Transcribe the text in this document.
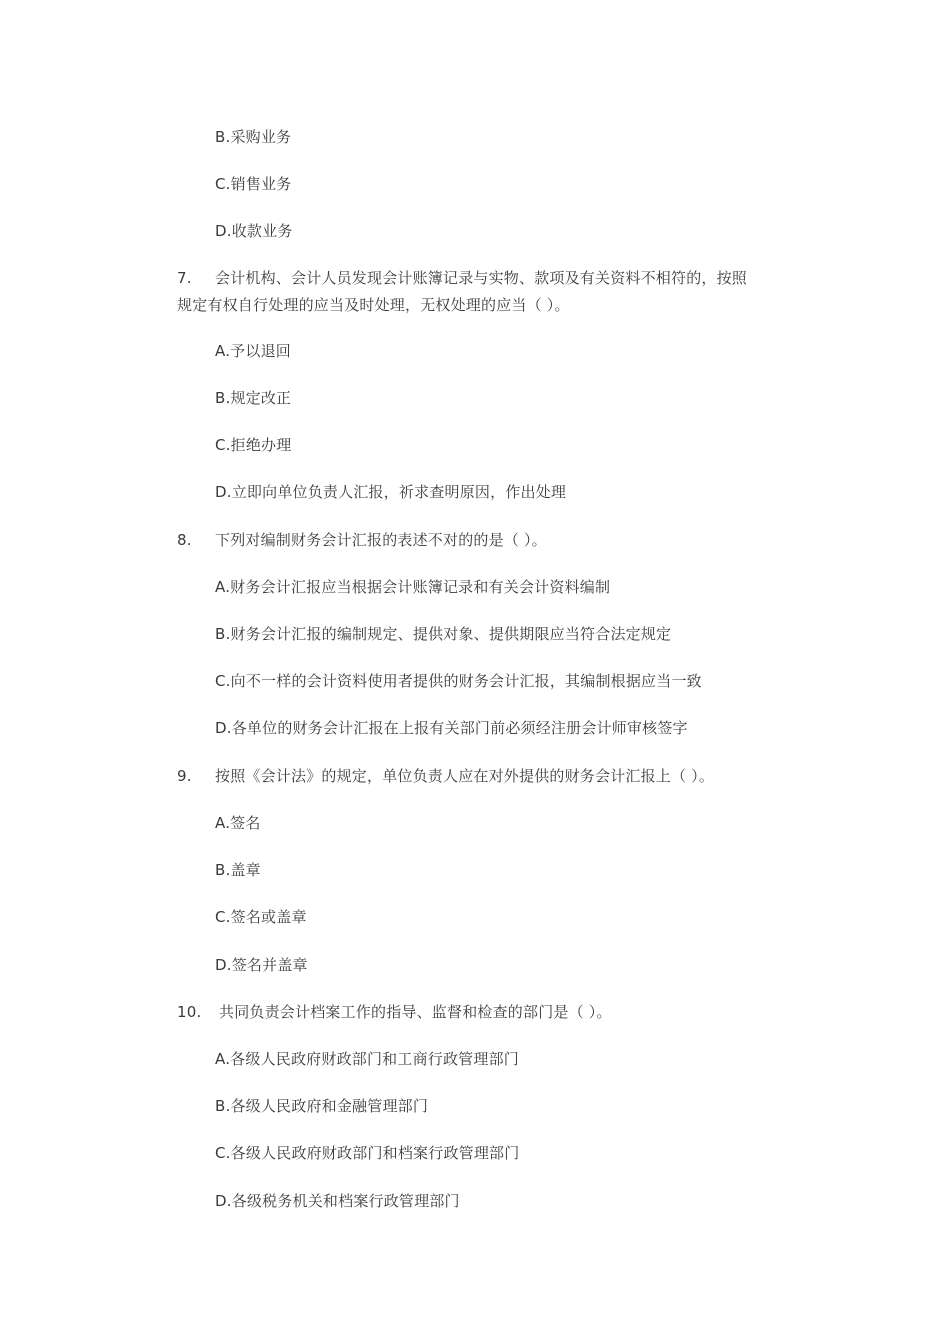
B.采购业务
C.销售业务
D.收款业务
7. 会计机构、会计人员发现会计账簿记录与实物、款项及有关资料不相符的，按照
规定有权自行处理的应当及时处理，无权处理的应当（ ）。
A.予以退回
B.规定改正
C.拒绝办理
D.立即向单位负责人汇报，祈求查明原因，作出处理
8. 下列对编制财务会计汇报的表述不对的的是（ ）。
A.财务会计汇报应当根据会计账簿记录和有关会计资料编制
B.财务会计汇报的编制规定、提供对象、提供期限应当符合法定规定
C.向不一样的会计资料使用者提供的财务会计汇报，其编制根据应当一致
D.各单位的财务会计汇报在上报有关部门前必须经注册会计师审核签字
9. 按照《会计法》的规定，单位负责人应在对外提供的财务会计汇报上（ ）。
A.签名
B.盖章
C.签名或盖章
D.签名并盖章
10. 共同负责会计档案工作的指导、监督和检查的部门是（ ）。
A.各级人民政府财政部门和工商行政管理部门
B.各级人民政府和金融管理部门
C.各级人民政府财政部门和档案行政管理部门
D.各级税务机关和档案行政管理部门
